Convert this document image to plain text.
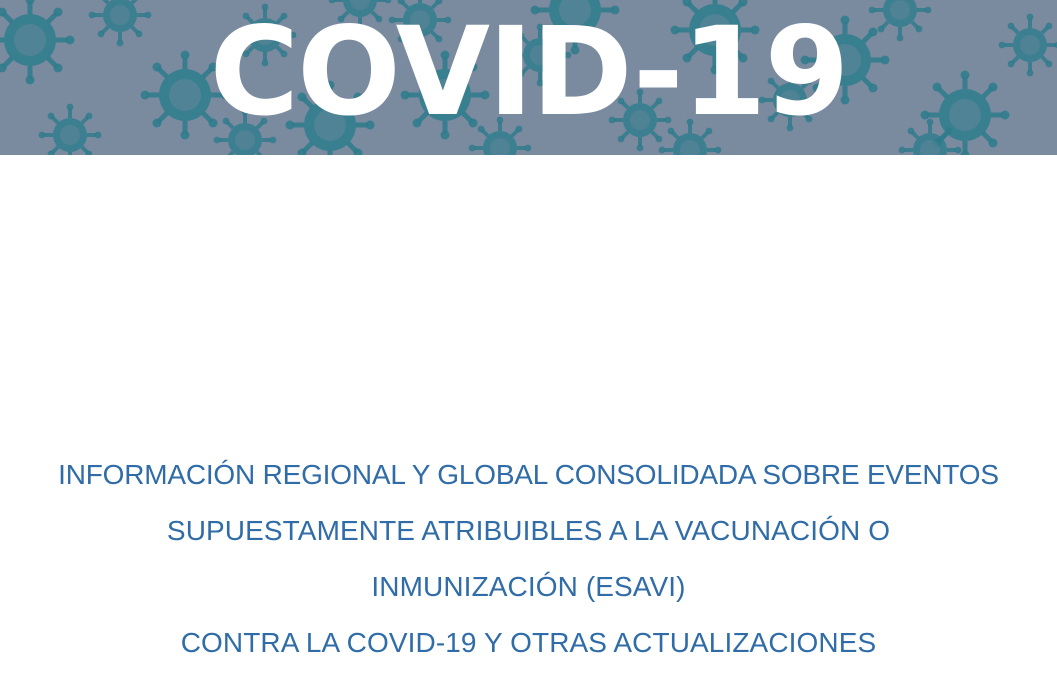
COVID-19
INFORMACIÓN REGIONAL Y GLOBAL CONSOLIDADA SOBRE EVENTOS
SUPUESTAMENTE ATRIBUIBLES A LA VACUNACIÓN O
INMUNIZACIÓN (ESAVI)
CONTRA LA COVID-19 Y OTRAS ACTUALIZACIONES
